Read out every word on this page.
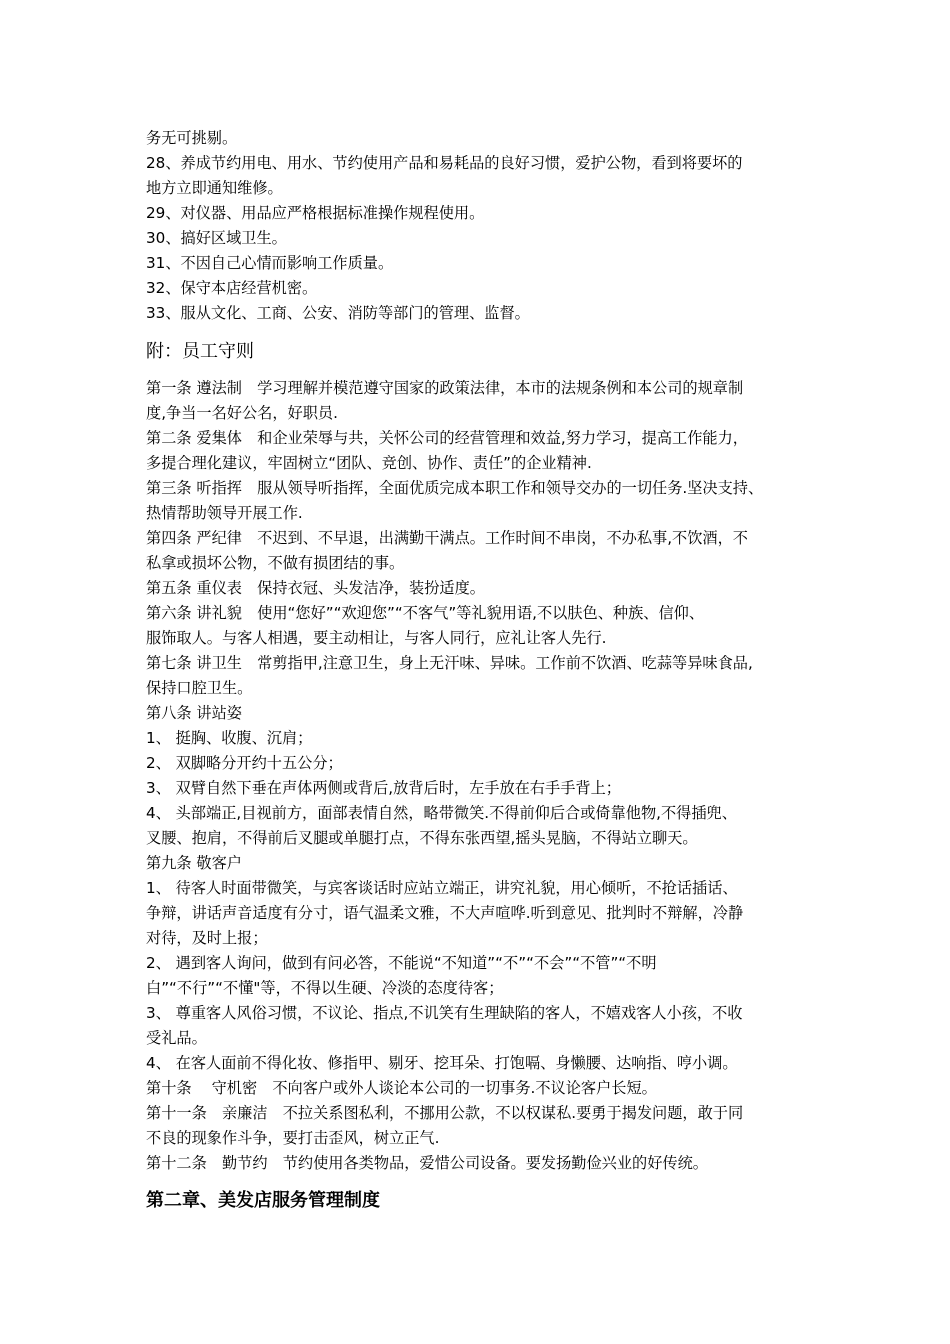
务无可挑剔。
28、养成节约用电、用水、节约使用产品和易耗品的良好习惯，爱护公物，看到将要坏的
地方立即通知维修。
29、对仪器、用品应严格根据标准操作规程使用。
30、搞好区域卫生。
31、不因自己心情而影响工作质量。
32、保守本店经营机密。
33、服从文化、工商、公安、消防等部门的管理、监督。
附：员工守则
第一条 遵法制　学习理解并模范遵守国家的政策法律，本市的法规条例和本公司的规章制
度,争当一名好公名，好职员.
第二条 爱集体　和企业荣辱与共，关怀公司的经营管理和效益,努力学习，提高工作能力，
多提合理化建议，牢固树立“团队、竞创、协作、责任”的企业精神.
第三条 听指挥　服从领导听指挥，全面优质完成本职工作和领导交办的一切任务.坚决支持、
热情帮助领导开展工作.
第四条 严纪律　不迟到、不早退，出满勤干满点。工作时间不串岗，不办私事,不饮酒，不
私拿或损坏公物，不做有损团结的事。
第五条 重仪表　保持衣冠、头发洁净，装扮适度。
第六条 讲礼貌　使用“您好”“欢迎您”“不客气”等礼貌用语,不以肤色、种族、信仰、
服饰取人。与客人相遇，要主动相让，与客人同行，应礼让客人先行.
第七条 讲卫生　常剪指甲,注意卫生，身上无汗味、异味。工作前不饮酒、吃蒜等异味食品,
保持口腔卫生。
第八条 讲站姿
1、 挺胸、收腹、沉肩；
2、 双脚略分开约十五公分；
3、 双臂自然下垂在声体两侧或背后,放背后时，左手放在右手手背上；
4、 头部端正,目视前方，面部表情自然，略带微笑.不得前仰后合或倚靠他物,不得插兜、
叉腰、抱肩，不得前后叉腿或单腿打点，不得东张西望,摇头晃脑，不得站立聊天。
第九条 敬客户
1、 待客人时面带微笑，与宾客谈话时应站立端正，讲究礼貌，用心倾听，不抢话插话、
争辩，讲话声音适度有分寸，语气温柔文雅，不大声喧哗.听到意见、批判时不辩解，冷静
对待，及时上报；
2、 遇到客人询问，做到有问必答，不能说“不知道”“不”“不会”“不管”“不明
白”“不行”“不懂"等，不得以生硬、冷淡的态度待客；
3、 尊重客人风俗习惯，不议论、指点,不讥笑有生理缺陷的客人，不嬉戏客人小孩，不收
受礼品。
4、 在客人面前不得化妆、修指甲、剔牙、挖耳朵、打饱嗝、身懒腰、达响指、哼小调。
第十条　 守机密　不向客户或外人谈论本公司的一切事务.不议论客户长短。
第十一条　亲廉洁　不拉关系图私利，不挪用公款，不以权谋私.要勇于揭发问题，敢于同
不良的现象作斗争，要打击歪风，树立正气.
第十二条　勤节约　节约使用各类物品，爱惜公司设备。要发扬勤俭兴业的好传统。
第二章、美发店服务管理制度
